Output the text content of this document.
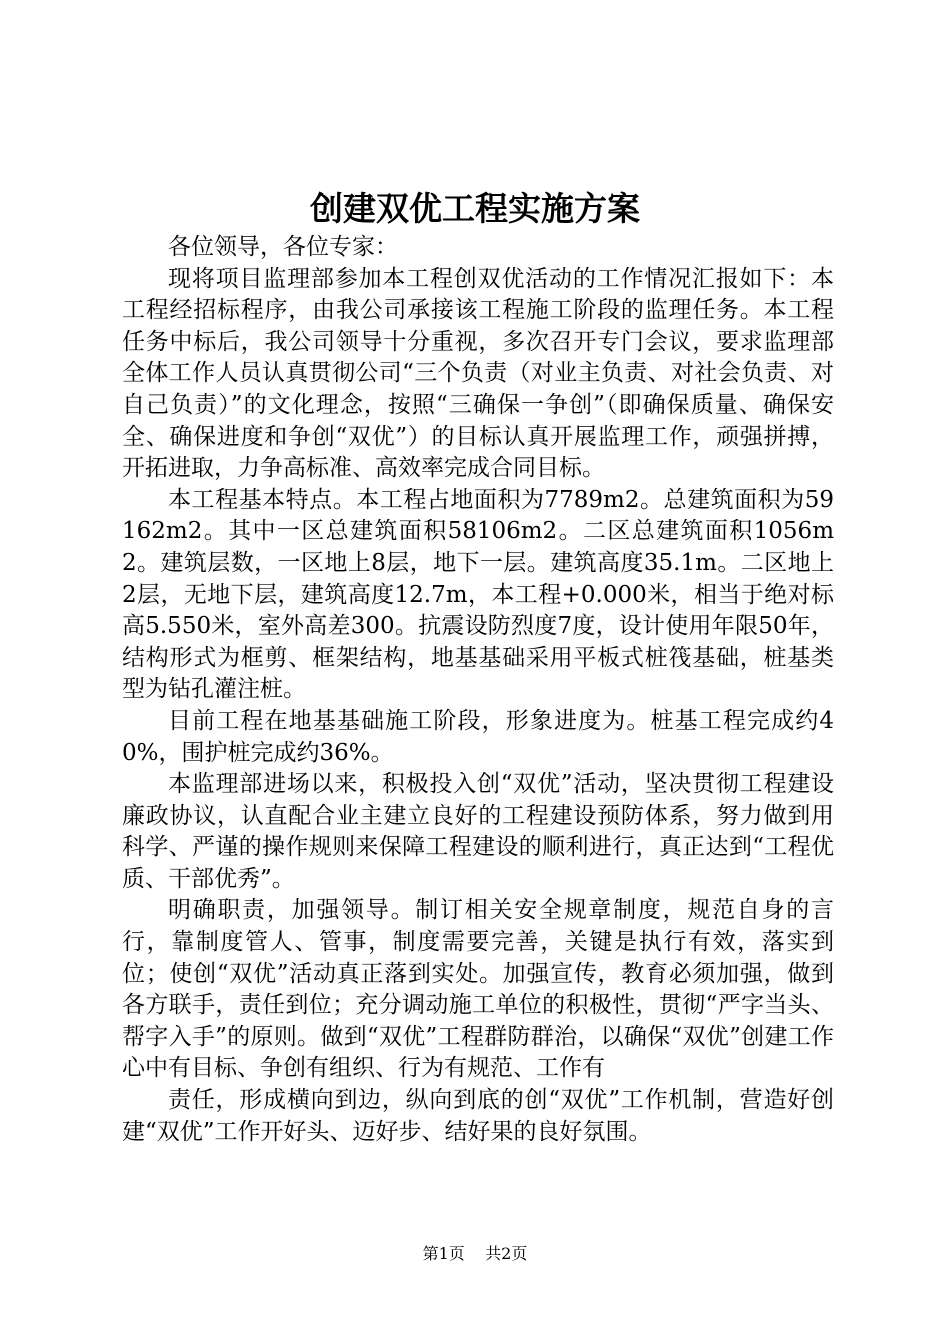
创建双优工程实施方案

各位领导，各位专家：

现将项目监理部参加本工程创双优活动的工作情况汇报如下：本工程经招标程序，由我公司承接该工程施工阶段的监理任务。本工程任务中标后，我公司领导十分重视，多次召开专门会议，要求监理部全体工作人员认真贯彻公司“三个负责（对业主负责、对社会负责、对自己负责）”的文化理念，按照“三确保一争创”（即确保质量、确保安全、确保进度和争创“双优”）的目标认真开展监理工作，顽强拼搏，开拓进取，力争高标准、高效率完成合同目标。

本工程基本特点。本工程占地面积为7789m2。总建筑面积为59162m2。其中一区总建筑面积58106m2。二区总建筑面积1056m2。建筑层数，一区地上8层，地下一层。建筑高度35.1m。二区地上2层，无地下层，建筑高度12.7m，本工程+0.000米，相当于绝对标高5.550米，室外高差300。抗震设防烈度7度，设计使用年限50年，结构形式为框剪、框架结构，地基基础采用平板式桩筏基础，桩基类型为钻孔灌注桩。

目前工程在地基基础施工阶段，形象进度为。桩基工程完成约40%，围护桩完成约36%。

本监理部进场以来，积极投入创“双优”活动，坚决贯彻工程建设廉政协议，认直配合业主建立良好的工程建设预防体系，努力做到用科学、严谨的操作规则来保障工程建设的顺利进行，真正达到“工程优质、干部优秀”。

明确职责，加强领导。制订相关安全规章制度，规范自身的言行，靠制度管人、管事，制度需要完善，关键是执行有效，落实到位；使创“双优”活动真正落到实处。加强宣传，教育必须加强，做到各方联手，责任到位；充分调动施工单位的积极性，贯彻“严字当头、帮字入手”的原则。做到“双优”工程群防群治，以确保“双优”创建工作心中有目标、争创有组织、行为有规范、工作有

责任，形成横向到边，纵向到底的创“双优”工作机制，营造好创建“双优”工作开好头、迈好步、结好果的良好氛围。

第1页 共2页
